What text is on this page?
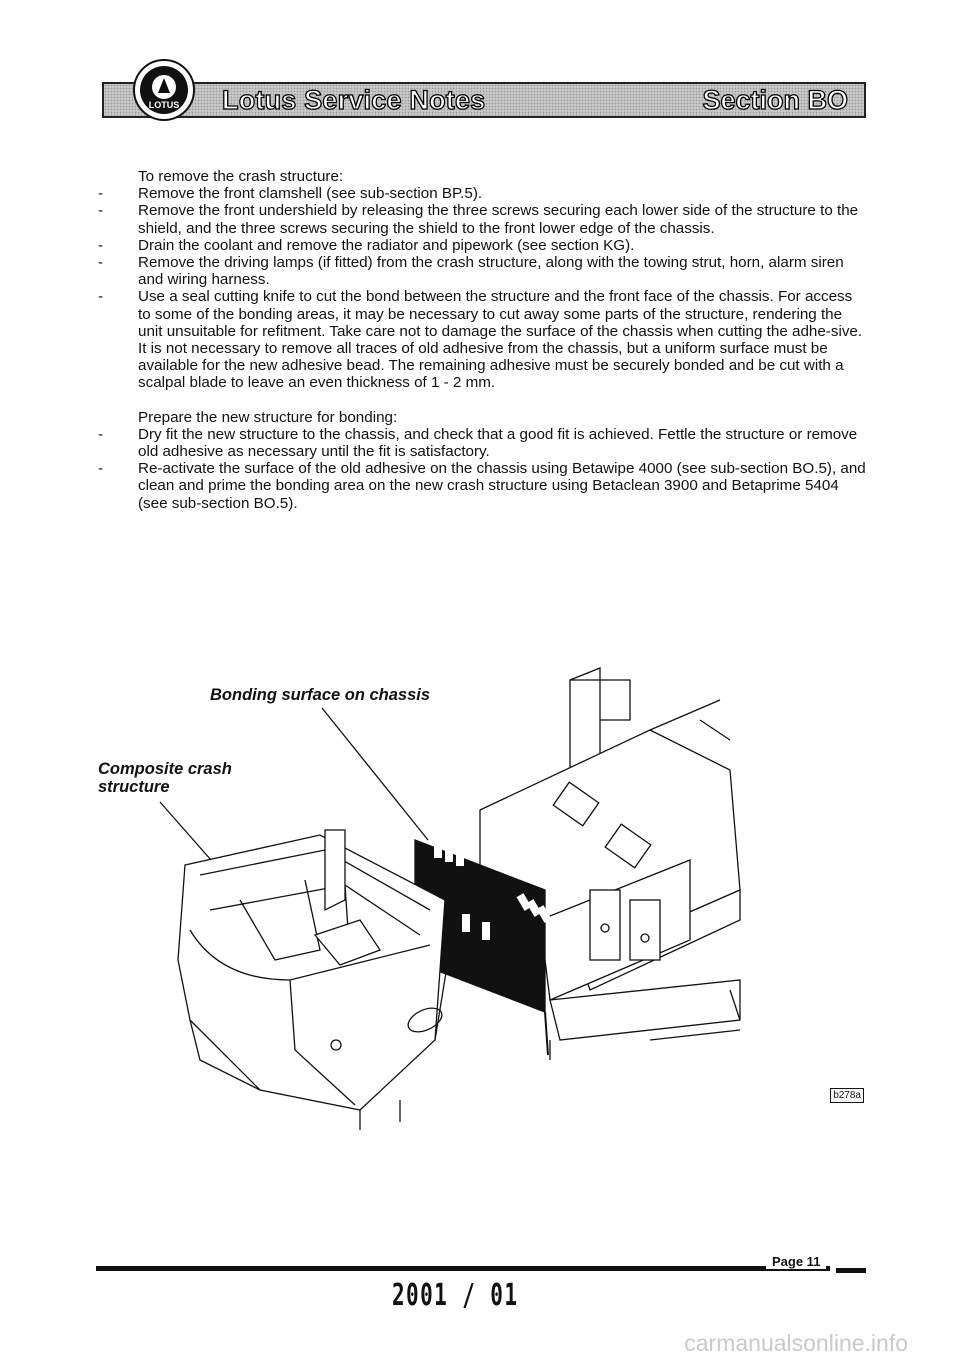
LOTUS Lotus Service Notes	Section BO

To remove the crash structure:

-	Remove the front clamshell (see sub-section BP.5).

-	Remove the front undershield by releasing the three screws securing each lower side of the structure to the shield, and the three screws securing the shield to the front lower edge of the chassis.

-	Drain the coolant and remove the radiator and pipework (see section KG).

-	Remove the driving lamps (if fitted) from the crash structure, along with the towing strut, horn, alarm siren and wiring harness.

-	Use a seal cutting knife to cut the bond between the structure and the front face of the chassis. For access to some of the bonding areas, it may be necessary to cut away some parts of the structure, rendering the unit unsuitable for refitment. Take care not to damage the surface of the chassis when cutting the adhe-sive.

It is not necessary to remove all traces of old adhesive from the chassis, but a uniform surface must be available for the new adhesive bead. The remaining adhesive must be securely bonded and be cut with a scalpal blade to leave an even thickness of 1 - 2 mm.

Prepare the new structure for bonding:

-	Dry fit the new structure to the chassis, and check that a good fit is achieved. Fettle the structure or remove old adhesive as necessary until the fit is satisfactory.

-	Re-activate the surface of the old adhesive on the chassis using Betawipe 4000 (see sub-section BO.5), and clean and prime the bonding area on the new crash structure using Betaclean 3900 and Betaprime 5404 (see sub-section BO.5).

Bonding surface on chassis
Composite crash
structure
b278a
Page 11
2001 / 01
carmanualsonline.info
